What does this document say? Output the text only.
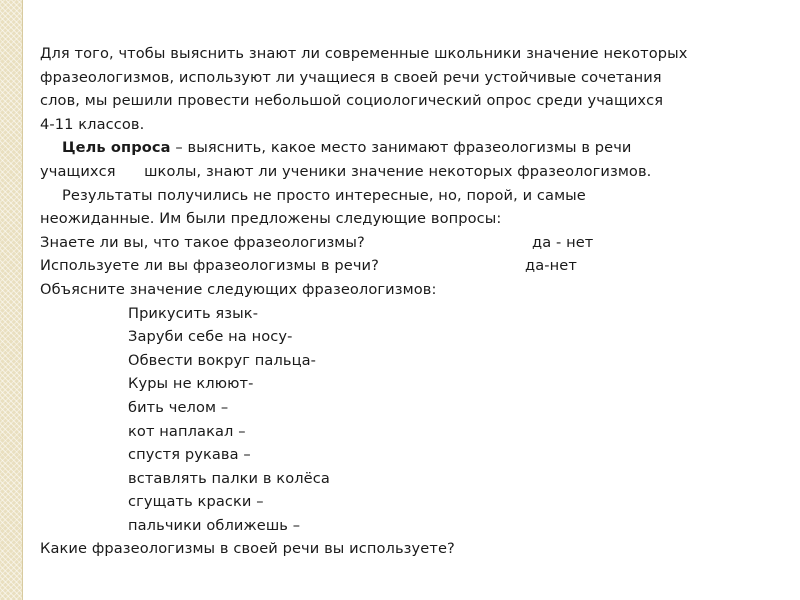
Для того, чтобы выяснить знают ли современные школьники значение некоторых
фразеологизмов, используют ли учащиеся в своей речи устойчивые сочетания
слов, мы решили провести небольшой социологический опрос среди учащихся
4-11 классов.
Цель опроса – выяснить, какое место занимают фразеологизмы в речи
учащихся      школы, знают ли ученики значение некоторых фразеологизмов.
Результаты получились не просто интересные, но, порой, и самые
неожиданные. Им были предложены следующие вопросы:
Знаете ли вы, что такое фразеологизмы?	да - нет
Используете ли вы фразеологизмы в речи?	да-нет
Объясните значение следующих фразеологизмов:
Прикусить язык-
Заруби себе на носу-
Обвести вокруг пальца-
Куры не клюют-
бить челом –
кот наплакал –
спустя рукава –
вставлять палки в колёса
сгущать краски –
пальчики оближешь –
Какие фразеологизмы в своей речи вы используете?
